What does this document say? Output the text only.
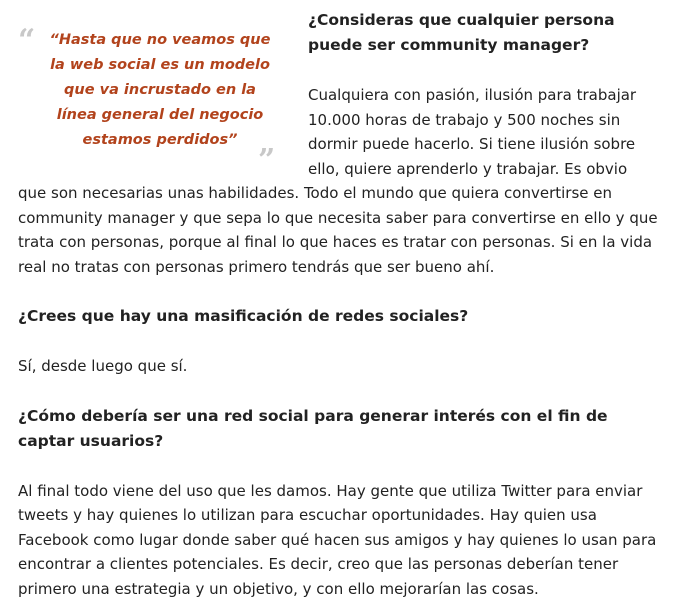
“ “Hasta que no veamos que la web social es un modelo que va incrustado en la línea general del negocio estamos perdidos”

”
¿Consideras que cualquier persona puede ser community manager?

Cualquiera con pasión, ilusión para trabajar 10.000 horas de trabajo y 500 noches sin dormir puede hacerlo. Si tiene ilusión sobre ello, quiere aprenderlo y trabajar. Es obvio que son necesarias unas habilidades. Todo el mundo que quiera convertirse en community manager y que sepa lo que necesita saber para convertirse en ello y que trata con personas, porque al final lo que haces es tratar con personas. Si en la vida real no tratas con personas primero tendrás que ser bueno ahí.

¿Crees que hay una masificación de redes sociales?

Sí, desde luego que sí.

¿Cómo debería ser una red social para generar interés con el fin de captar usuarios?

Al final todo viene del uso que les damos. Hay gente que utiliza Twitter para enviar tweets y hay quienes lo utilizan para escuchar oportunidades. Hay quien usa Facebook como lugar donde saber qué hacen sus amigos y hay quienes lo usan para encontrar a clientes potenciales. Es decir, creo que las personas deberían tener primero una estrategia y un objetivo, y con ello mejorarían las cosas.
